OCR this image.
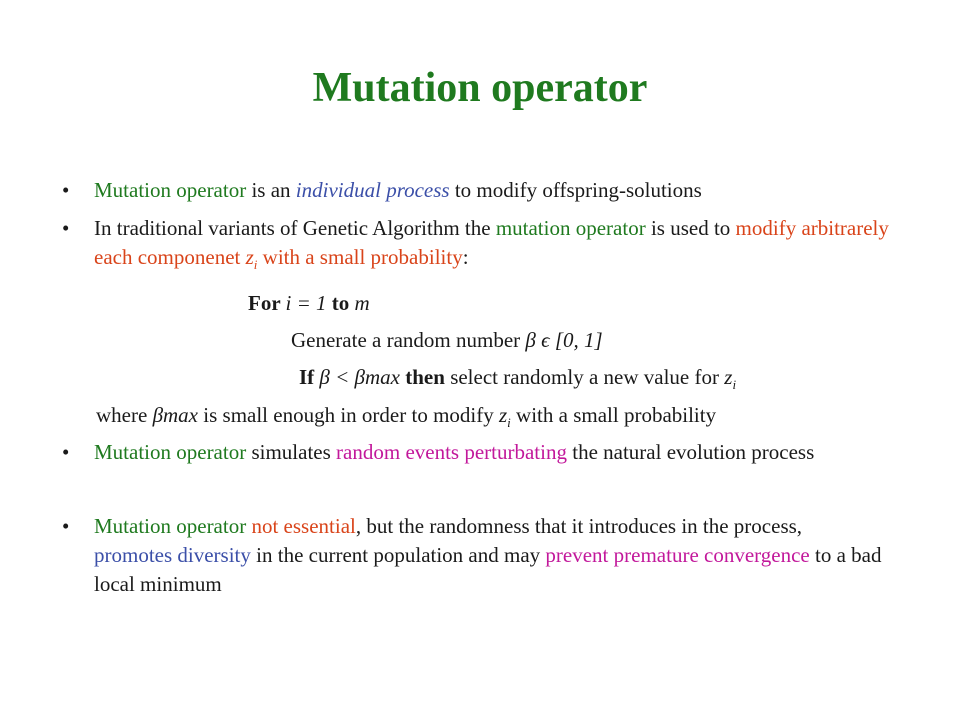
Mutation operator
• Mutation operator is an individual process to modify offspring-solutions
• In traditional variants of Genetic Algorithm the mutation operator is used to modify arbitrarely each componenet $z_i$ with a small probability:
For i = 1 to m
Generate a random number β ϵ [0, 1]
If β < βmax then select randomly a new value for $z_i$
where βmax is small enough in order to modify $z_i$ with a small probability
• Mutation operator simulates random events perturbating the natural evolution process
• Mutation operator not essential, but the randomness that it introduces in the process, promotes diversity in the current population and may prevent premature convergence to a bad local minimum
